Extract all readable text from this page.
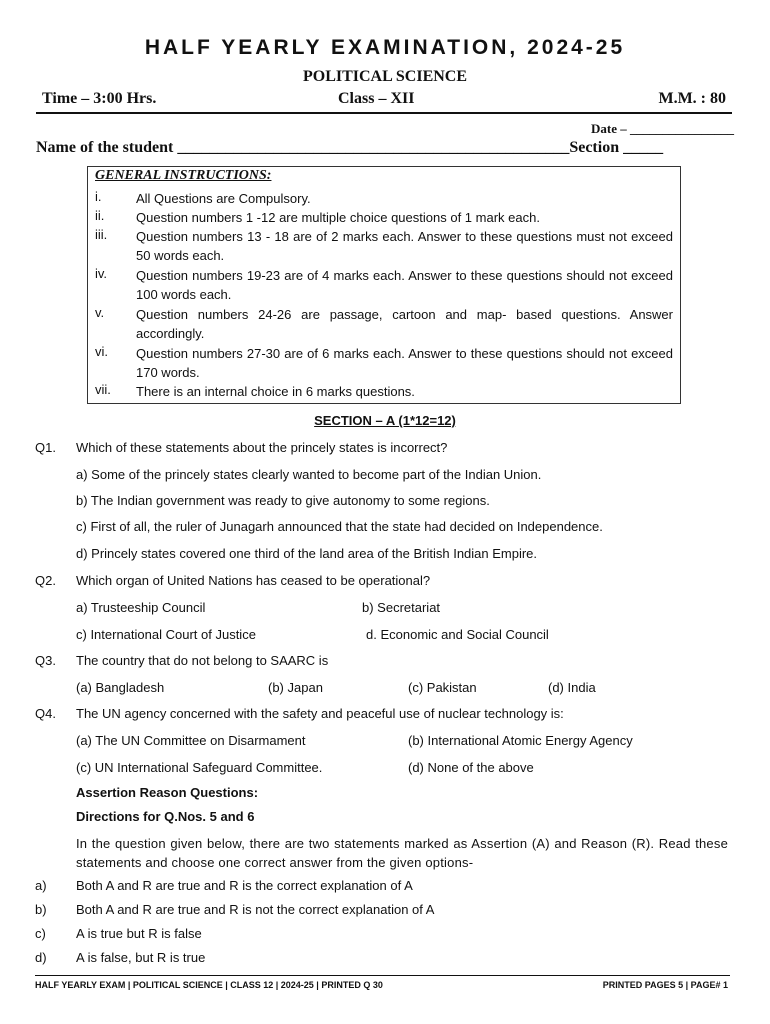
HALF YEARLY EXAMINATION, 2024-25
POLITICAL SCIENCE
Time – 3:00 Hrs.	Class – XII	M.M. : 80
Date – ________________
Name of the student _________________________________________________Section _____
GENERAL INSTRUCTIONS:
i.	All Questions are Compulsory.
ii. Question numbers 1 -12 are multiple choice questions of 1 mark each.
iii. Question numbers 13 - 18 are of 2 marks each. Answer to these questions must not exceed 50 words each.
iv. Question numbers 19-23 are of 4 marks each. Answer to these questions should not exceed 100 words each.
v. Question numbers 24-26 are passage, cartoon and map- based questions. Answer accordingly.
vi. Question numbers 27-30 are of 6 marks each. Answer to these questions should not exceed 170 words.
vii. There is an internal choice in 6 marks questions.
SECTION – A (1*12=12)
Q1. Which of these statements about the princely states is incorrect?
a) Some of the princely states clearly wanted to become part of the Indian Union.
b) The Indian government was ready to give autonomy to some regions.
c) First of all, the ruler of Junagarh announced that the state had decided on Independence.
d) Princely states covered one third of the land area of the British Indian Empire.
Q2. Which organ of United Nations has ceased to be operational?
a) Trusteeship Council	b) Secretariat
c) International Court of Justice	d. Economic and Social Council
Q3. The country that do not belong to SAARC is
(a) Bangladesh	(b) Japan	(c) Pakistan	(d) India
Q4. The UN agency concerned with the safety and peaceful use of nuclear technology is:
(a) The UN Committee on Disarmament	(b) International Atomic Energy Agency
(c) UN International Safeguard Committee.	(d) None of the above
Assertion Reason Questions:
Directions for Q.Nos. 5 and 6
In the question given below, there are two statements marked as Assertion (A) and Reason (R). Read these statements and choose one correct answer from the given options-
a) Both A and R are true and R is the correct explanation of A
b) Both A and R are true and R is not the correct explanation of A
c) A is true but R is false
d) A is false, but R is true
HALF YEARLY EXAM | POLITICAL SCIENCE | CLASS 12 | 2024-25 | PRINTED Q 30	PRINTED PAGES 5 | PAGE# 1
